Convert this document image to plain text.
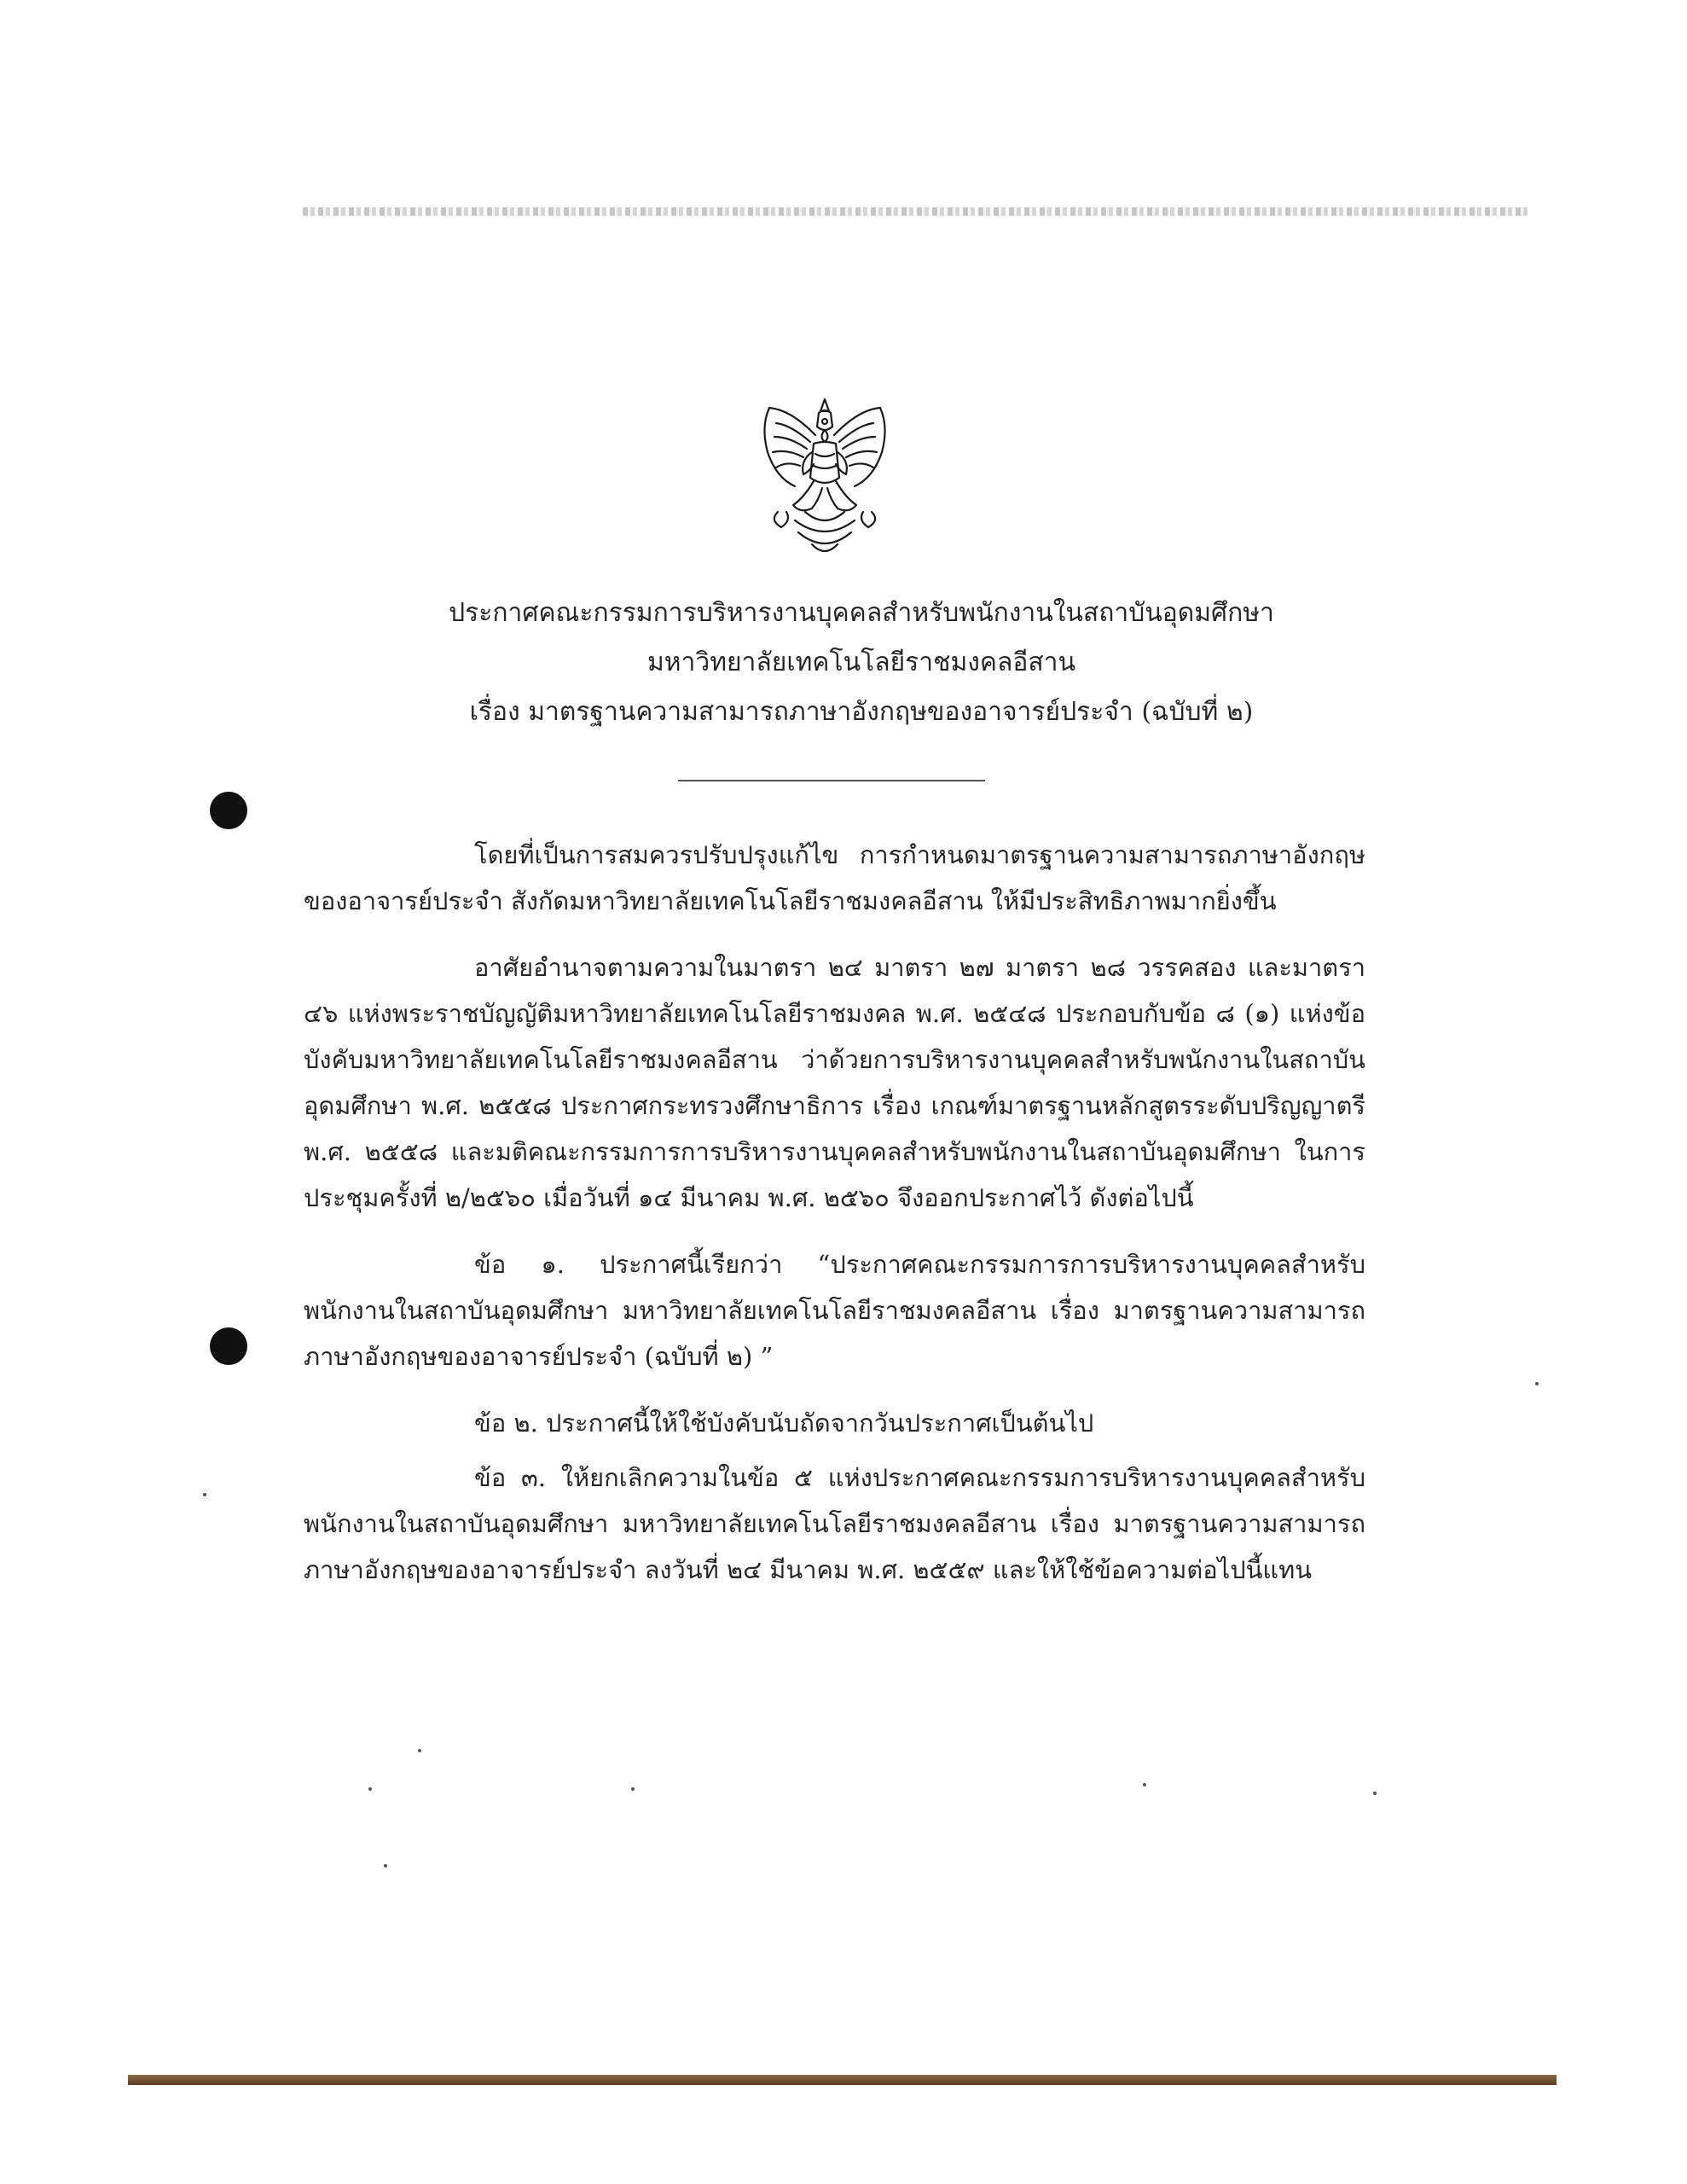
ประกาศคณะกรรมการบริหารงานบุคคลสำหรับพนักงานในสถาบันอุดมศึกษา
มหาวิทยาลัยเทคโนโลยีราชมงคลอีสาน
เรื่อง มาตรฐานความสามารถภาษาอังกฤษของอาจารย์ประจำ (ฉบับที่ ๒)

โดยที่เป็นการสมควรปรับปรุงแก้ไข การกำหนดมาตรฐานความสามารถภาษาอังกฤษของอาจารย์ประจำ สังกัดมหาวิทยาลัยเทคโนโลยีราชมงคลอีสาน ให้มีประสิทธิภาพมากยิ่งขึ้น

อาศัยอำนาจตามความในมาตรา ๒๔ มาตรา ๒๗ มาตรา ๒๘ วรรคสอง และมาตรา ๔๖ แห่งพระราชบัญญัติมหาวิทยาลัยเทคโนโลยีราชมงคล พ.ศ. ๒๕๔๘ ประกอบกับข้อ ๘ (๑) แห่งข้อบังคับมหาวิทยาลัยเทคโนโลยีราชมงคลอีสาน ว่าด้วยการบริหารงานบุคคลสำหรับพนักงานในสถาบันอุดมศึกษา พ.ศ. ๒๕๕๘ ประกาศกระทรวงศึกษาธิการ เรื่อง เกณฑ์มาตรฐานหลักสูตรระดับปริญญาตรี พ.ศ. ๒๕๕๘ และมติคณะกรรมการการบริหารงานบุคคลสำหรับพนักงานในสถาบันอุดมศึกษา ในการประชุมครั้งที่ ๒/๒๕๖๐ เมื่อวันที่ ๑๔ มีนาคม พ.ศ. ๒๕๖๐ จึงออกประกาศไว้ ดังต่อไปนี้

ข้อ ๑. ประกาศนี้เรียกว่า “ประกาศคณะกรรมการการบริหารงานบุคคลสำหรับพนักงานในสถาบันอุดมศึกษา มหาวิทยาลัยเทคโนโลยีราชมงคลอีสาน เรื่อง มาตรฐานความสามารถภาษาอังกฤษของอาจารย์ประจำ (ฉบับที่ ๒) ”

ข้อ ๒. ประกาศนี้ให้ใช้บังคับนับถัดจากวันประกาศเป็นต้นไป

ข้อ ๓. ให้ยกเลิกความในข้อ ๕ แห่งประกาศคณะกรรมการบริหารงานบุคคลสำหรับพนักงานในสถาบันอุดมศึกษา มหาวิทยาลัยเทคโนโลยีราชมงคลอีสาน เรื่อง มาตรฐานความสามารถภาษาอังกฤษของอาจารย์ประจำ ลงวันที่ ๒๔ มีนาคม พ.ศ. ๒๕๕๙ และให้ใช้ข้อความต่อไปนี้แทน
